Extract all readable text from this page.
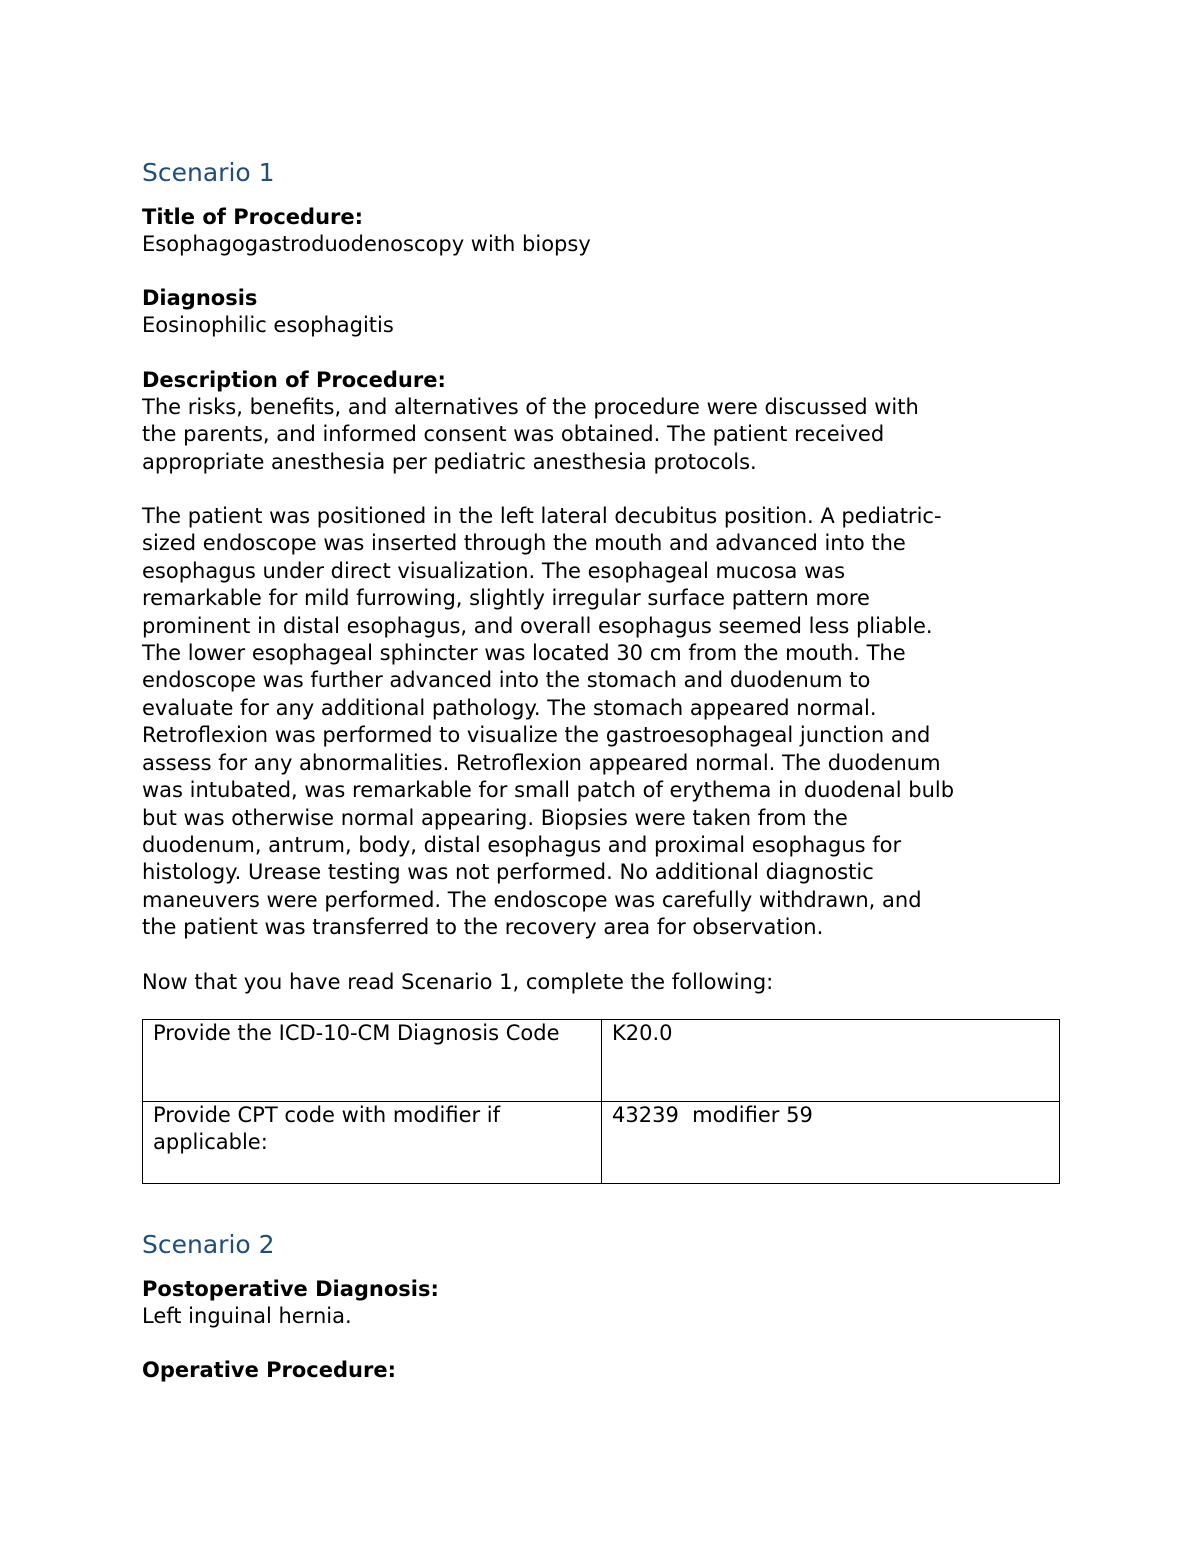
Scenario 1

Title of Procedure:

Esophagogastroduodenoscopy with biopsy

Diagnosis

Eosinophilic esophagitis

Description of Procedure:

The risks, benefits, and alternatives of the procedure were discussed with
the parents, and informed consent was obtained. The patient received
appropriate anesthesia per pediatric anesthesia protocols.

The patient was positioned in the left lateral decubitus position. A pediatric-
sized endoscope was inserted through the mouth and advanced into the
esophagus under direct visualization. The esophageal mucosa was
remarkable for mild furrowing, slightly irregular surface pattern more
prominent in distal esophagus, and overall esophagus seemed less pliable.
The lower esophageal sphincter was located 30 cm from the mouth. The
endoscope was further advanced into the stomach and duodenum to
evaluate for any additional pathology. The stomach appeared normal.
Retroflexion was performed to visualize the gastroesophageal junction and
assess for any abnormalities. Retroflexion appeared normal. The duodenum
was intubated, was remarkable for small patch of erythema in duodenal bulb
but was otherwise normal appearing. Biopsies were taken from the
duodenum, antrum, body, distal esophagus and proximal esophagus for
histology. Urease testing was not performed. No additional diagnostic
maneuvers were performed. The endoscope was carefully withdrawn, and
the patient was transferred to the recovery area for observation.

Now that you have read Scenario 1, complete the following:

Provide the ICD-10-CM Diagnosis Code	K20.0
Provide CPT code with modifier if applicable:	43239  modifier 59
Scenario 2

Postoperative Diagnosis:

Left inguinal hernia.

Operative Procedure:
